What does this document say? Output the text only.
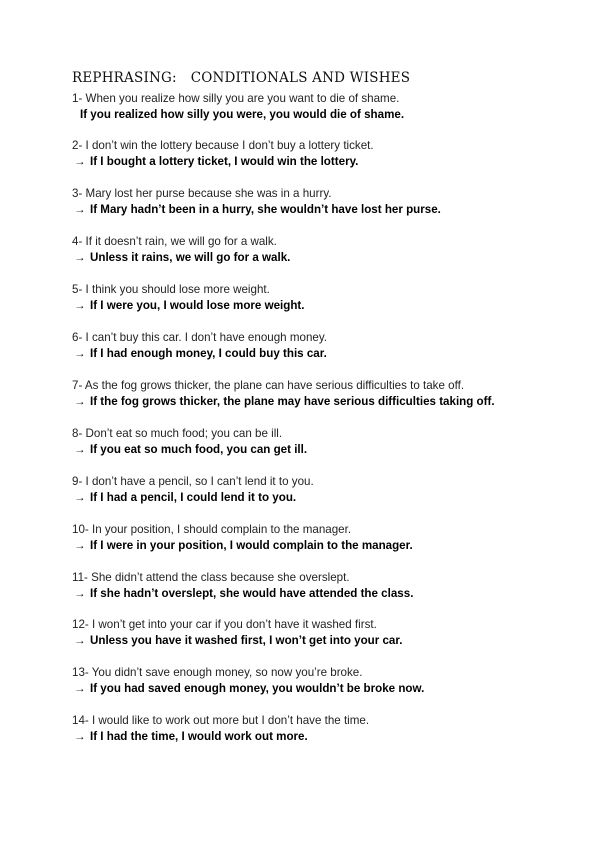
REPHRASING: CONDITIONALS AND WISHES
1- When you realize how silly you are you want to die of shame.
If you realized how silly you were, you would die of shame.
2- I don’t win the lottery because I don’t buy a lottery ticket.
→ If I bought a lottery ticket, I would win the lottery.
3- Mary lost her purse because she was in a hurry.
→ If Mary hadn’t been in a hurry, she wouldn’t have lost her purse.
4- If it doesn’t rain, we will go for a walk.
→ Unless it rains, we will go for a walk.
5- I think you should lose more weight.
→ If I were you, I would lose more weight.
6- I can’t buy this car. I don’t have enough money.
→ If I had enough money, I could buy this car.
7- As the fog grows thicker, the plane can have serious difficulties to take off.
→ If the fog grows thicker, the plane may have serious difficulties taking off.
8- Don’t eat so much food; you can be ill.
→ If you eat so much food, you can get ill.
9- I don’t have a pencil, so I can’t lend it to you.
→ If I had a pencil, I could lend it to you.
10- In your position, I should complain to the manager.
→ If I were in your position, I would complain to the manager.
11- She didn’t attend the class because she overslept.
→ If she hadn’t overslept, she would have attended the class.
12- I won’t get into your car if you don’t have it washed first.
→ Unless you have it washed first, I won’t get into your car.
13- You didn’t save enough money, so now you’re broke.
→ If you had saved enough money, you wouldn’t be broke now.
14- I would like to work out more but I don’t have the time.
→ If I had the time, I would work out more.
